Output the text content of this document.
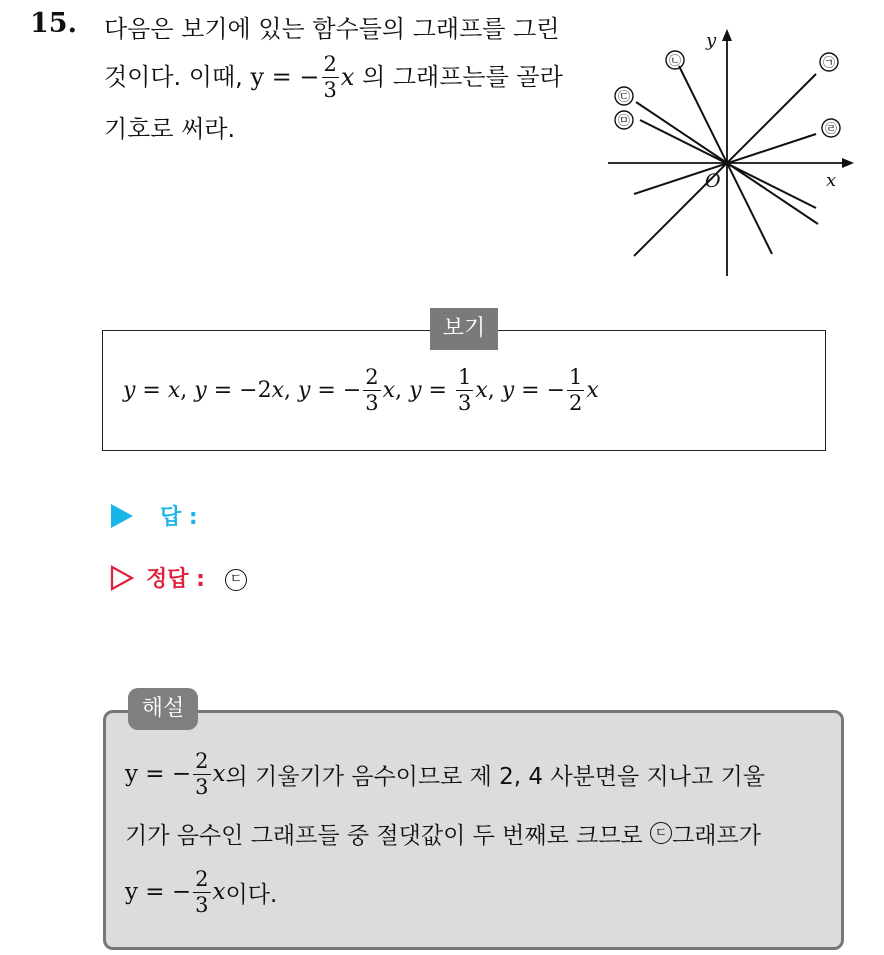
15. 다음은 보기에 있는 함수들의 그래프를 그린
것이다. 이때,
y = − $\frac{2}{3}$ x
의 그래프는를 골라
기호로 써라.
y
x
O
㉠
㉡
㉢
㉣
㉤
보기
y = x , y = − 2 x , y = − $\frac{2}{3}$ x , $y = \frac{1}{3}$ x , y = − $\frac{1}{2}$ x
답 :
정답 :	ㄷ
해설
y = − $\frac{2}{3}$ x 의 기울기가 음수이므로 제 2, 4 사분면을 지나고 기울
기가 음수인 그래프들 중 절댓값이 두 번째로 크므로
ㄷ 그래프가
y = − $\frac{2}{3}$ x 이다.
